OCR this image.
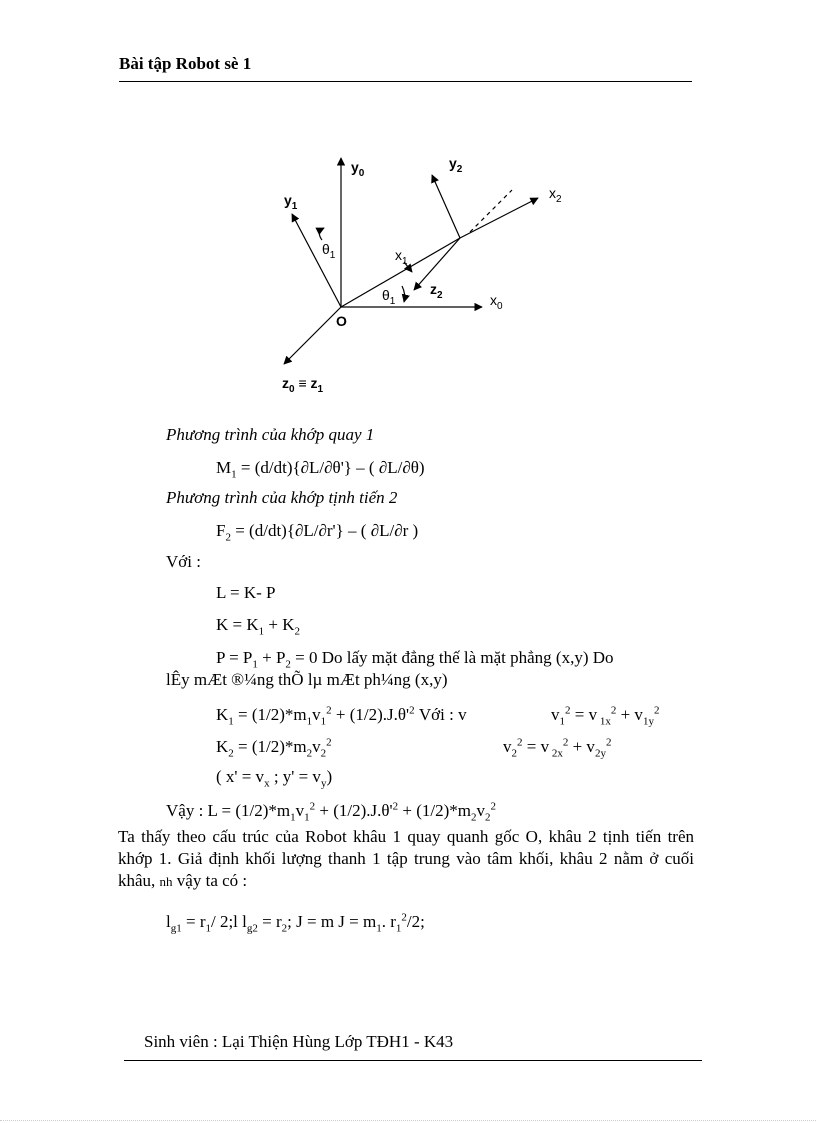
Bài tập Robot sè 1
$y_0$
$y_2$
$x_2$
$y_1$
$\theta_1$	$x_1$
$z_2$
$\theta_1$	$x_0$
O
$z_0 \equiv z_1$
Phương trình của khớp quay 1
$M_1 = (d/dt)\{\partial L/\partial\theta'\}$ – ( ∂L/∂θ)
Phương trình của khớp tịnh tiến 2
$F_2 = (d/dt)\{\partial L/\partial r'\}$ – ( ∂L/∂r )
Với :
L = K- P
$K = K_1 + K_2$
$P = P_1 + P_2 = 0$ Do lấy mặt đẳng thế là mặt phẳng (x,y) Do
lÊy mÆt ®¼ng thÕ lµ mÆt ph¼ng (x,y)
$K_1 = (1/2)*m_1v_1^2 + (1/2).J.\theta'^2$ Với : v	$v_1^2 = v$ $_{1x}^2 + v_{1y}^2$
$K_2 = (1/2)*m_2v_2^2$	$v_2^2 = v$ $_{2x}^2 + v_{2y}^2$
( $x' = v_x$ ; $y' = v_y$)
Vậy : $L = (1/2)*m_1v_1^2 + (1/2).J.\theta'^2 + (1/2)*m_2v_2^2$
Ta thấy theo cấu trúc của Robot khâu 1 quay quanh gốc O, khâu 2 tịnh tiến trên khớp 1. Giả định khối lượng thanh 1 tập trung vào tâm khối, khâu 2 nằm ở cuối khâu, nh vậy ta có :
$l_{g1} = r_1/$ 2;l $l_{g2} = r_2$; J = m $J = m_1$. $r_1^2/2$;
Sinh viên : Lại Thiện Hùng Lớp TĐH1 - K43
